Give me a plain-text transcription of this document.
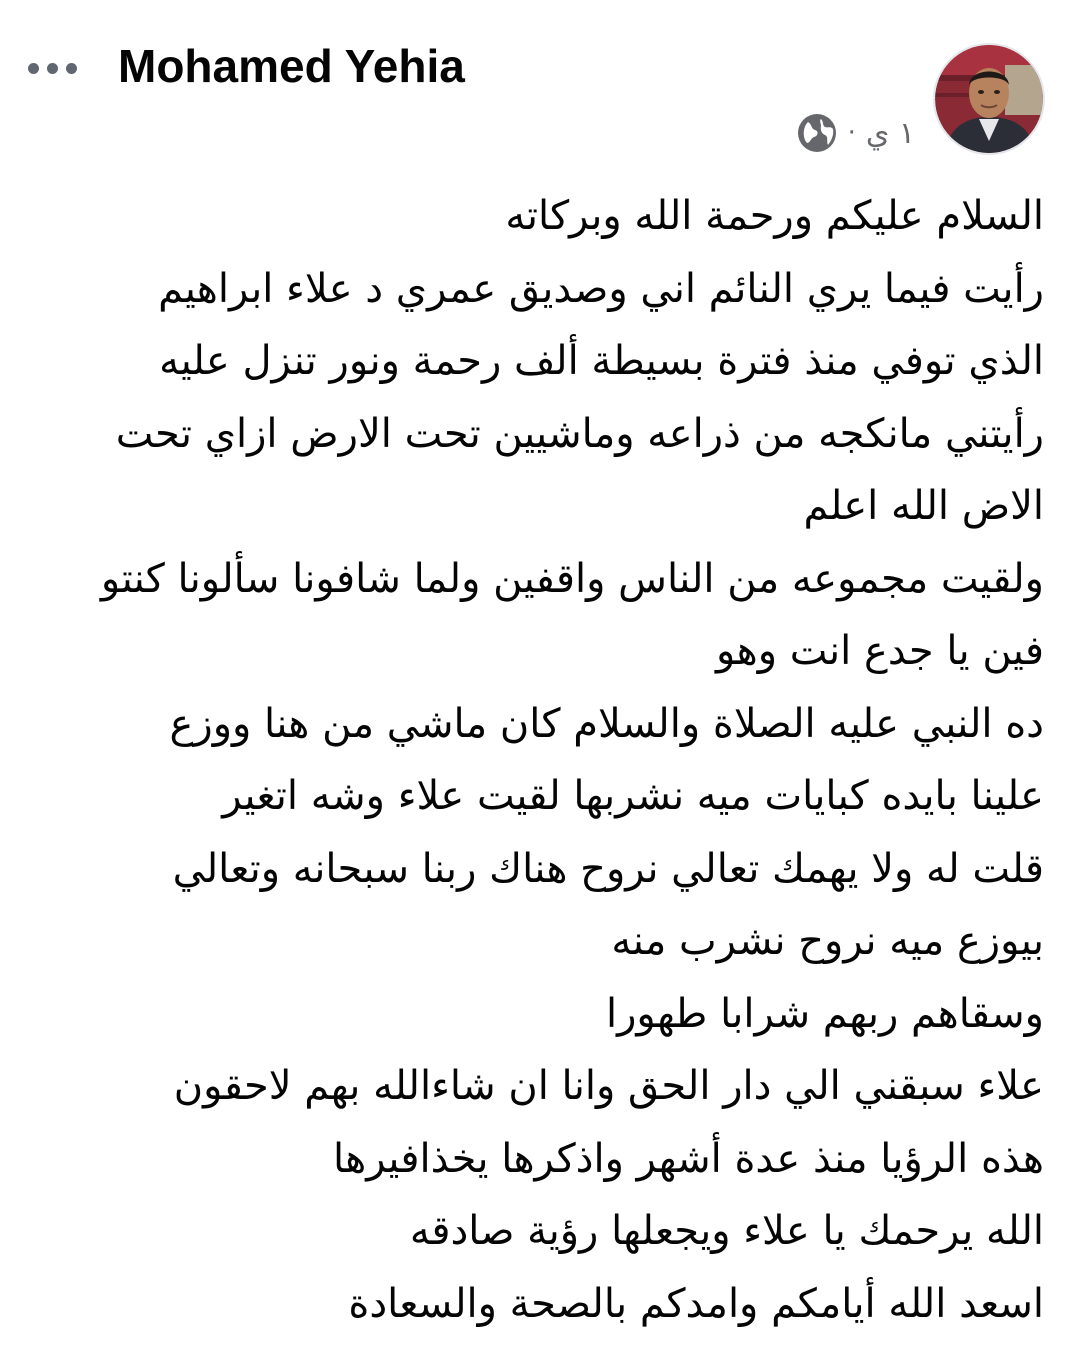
Mohamed Yehia
١ ي
·
السلام عليكم ورحمة الله وبركاته
رأيت فيما يري النائم اني وصديق عمري د علاء ابراهيم
الذي توفي منذ فترة بسيطة ألف رحمة ونور تنزل عليه
رأيتني مانكجه من ذراعه وماشيين تحت الارض ازاي تحت
الاض الله اعلم
ولقيت مجموعه من الناس واقفين ولما شافونا سألونا كنتو
فين يا جدع انت وهو
ده النبي عليه الصلاة والسلام كان ماشي من هنا ووزع
علينا بايده كبايات ميه نشربها لقيت علاء وشه اتغير
قلت له ولا يهمك تعالي نروح هناك ربنا سبحانه وتعالي
بيوزع ميه نروح نشرب منه
وسقاهم ربهم شرابا طهورا
علاء سبقني الي دار الحق وانا ان شاءالله بهم لاحقون
هذه الرؤيا منذ عدة أشهر واذكرها يخذافيرها
الله يرحمك يا علاء ويجعلها رؤية صادقه
اسعد الله أيامكم وامدكم بالصحة والسعادة
